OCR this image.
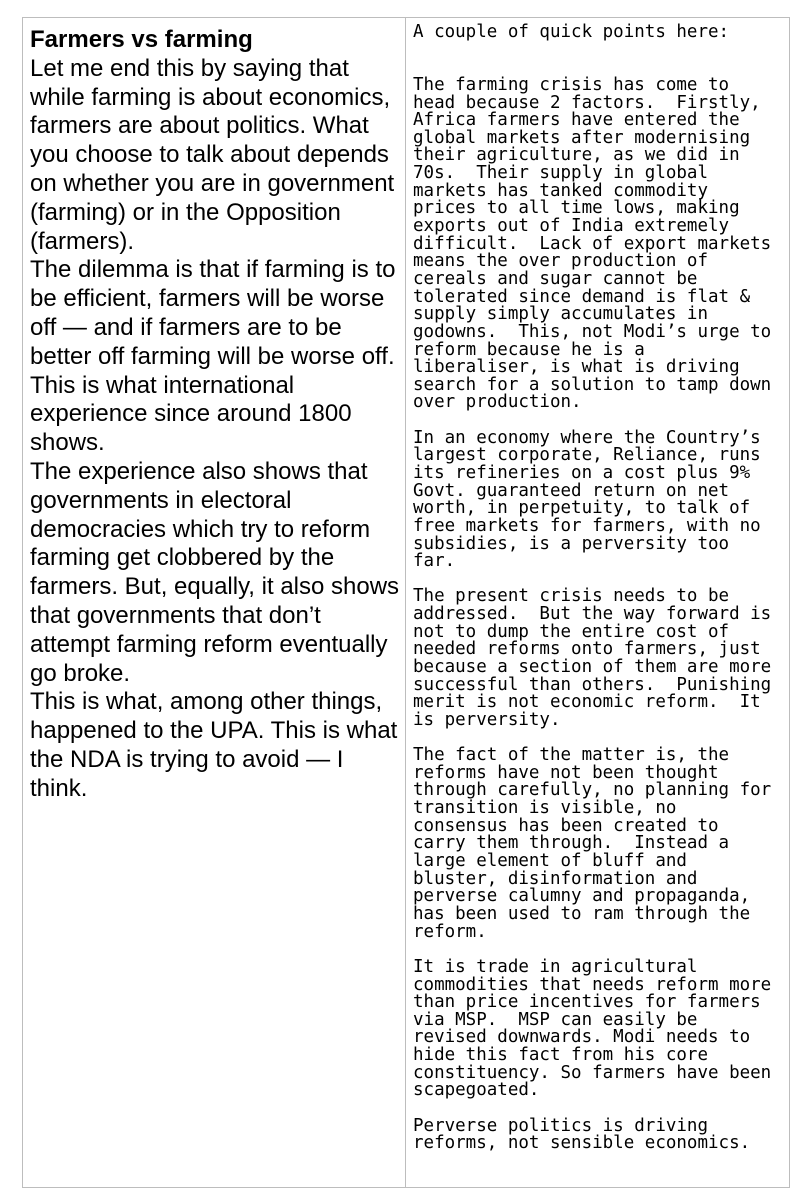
Farmers vs farming
Let me end this by saying that
while farming is about economics,
farmers are about politics. What
you choose to talk about depends
on whether you are in government
(farming) or in the Opposition
(farmers).
The dilemma is that if farming is to
be efficient, farmers will be worse
off — and if farmers are to be
better off farming will be worse off.
This is what international
experience since around 1800
shows.
The experience also shows that
governments in electoral
democracies which try to reform
farming get clobbered by the
farmers. But, equally, it also shows
that governments that don’t
attempt farming reform eventually
go broke.
This is what, among other things,
happened to the UPA. This is what
the NDA is trying to avoid — I
think.
A couple of quick points here:
The farming crisis has come to
head because 2 factors.  Firstly,
Africa farmers have entered the
global markets after modernising
their agriculture, as we did in
70s.  Their supply in global
markets has tanked commodity
prices to all time lows, making
exports out of India extremely
difficult.  Lack of export markets
means the over production of
cereals and sugar cannot be
tolerated since demand is flat &
supply simply accumulates in
godowns.  This, not Modi’s urge to
reform because he is a
liberaliser, is what is driving
search for a solution to tamp down
over production.
In an economy where the Country’s
largest corporate, Reliance, runs
its refineries on a cost plus 9%
Govt. guaranteed return on net
worth, in perpetuity, to talk of
free markets for farmers, with no
subsidies, is a perversity too
far.
The present crisis needs to be
addressed.  But the way forward is
not to dump the entire cost of
needed reforms onto farmers, just
because a section of them are more
successful than others.  Punishing
merit is not economic reform.  It
is perversity.
The fact of the matter is, the
reforms have not been thought
through carefully, no planning for
transition is visible, no
consensus has been created to
carry them through.  Instead a
large element of bluff and
bluster, disinformation and
perverse calumny and propaganda,
has been used to ram through the
reform.
It is trade in agricultural
commodities that needs reform more
than price incentives for farmers
via MSP.  MSP can easily be
revised downwards. Modi needs to
hide this fact from his core
constituency. So farmers have been
scapegoated.
Perverse politics is driving
reforms, not sensible economics.
